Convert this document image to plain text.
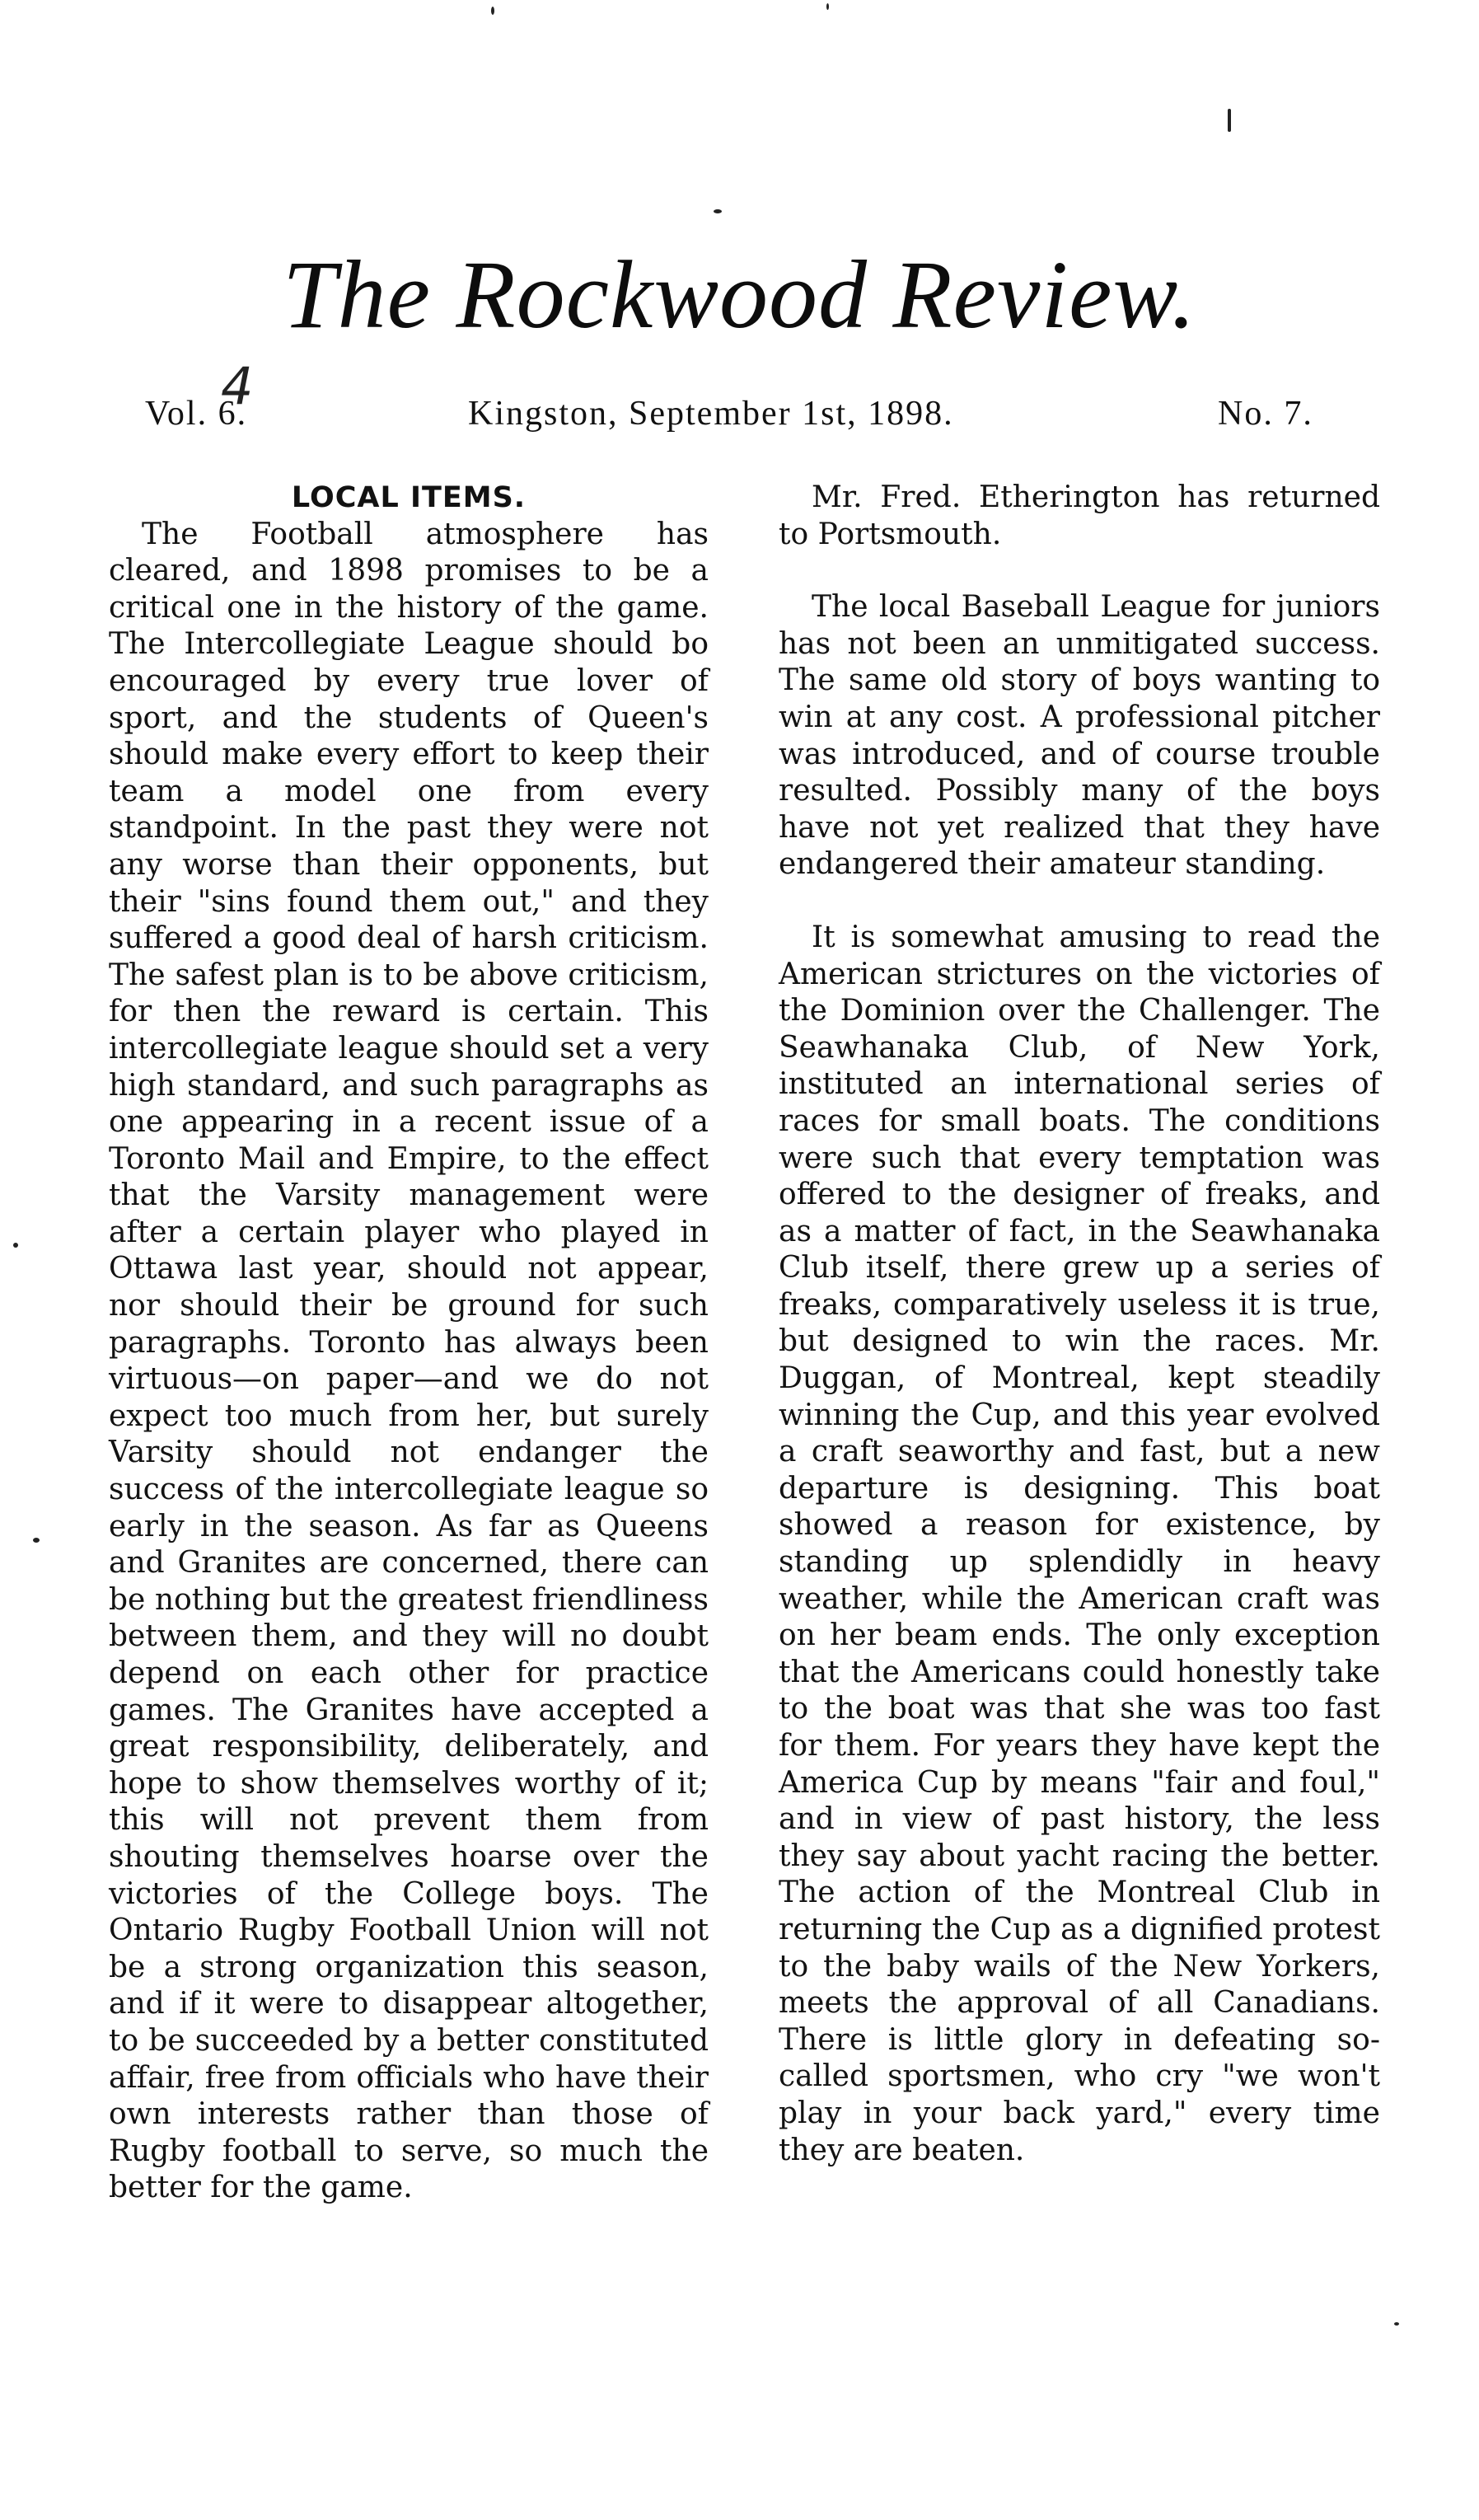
The Rockwood Review.
4
Vol. 6.	Kingston, September 1st, 1898.	No. 7.
LOCAL ITEMS.

The Football atmosphere has cleared, and 1898 promises to be a critical one in the history of the game. The Intercollegiate League should bo encouraged by every true lover of sport, and the students of Queen's should make every effort to keep their team a model one from every standpoint. In the past they were not any worse than their opponents, but their "sins found them out," and they suffered a good deal of harsh criticism. The safest plan is to be above criticism, for then the reward is certain. This intercollegiate league should set a very high standard, and such paragraphs as one appearing in a recent issue of a Toronto Mail and Empire, to the effect that the Varsity management were after a certain player who played in Ottawa last year, should not appear, nor should their be ground for such paragraphs. Toronto has always been virtuous—on paper—and we do not expect too much from her, but surely Varsity should not endanger the success of the intercollegiate league so early in the season. As far as Queens and Granites are concerned, there can be nothing but the greatest friendliness between them, and they will no doubt depend on each other for practice games. The Granites have accepted a great responsibility, deliberately, and hope to show themselves worthy of it; this will not prevent them from shouting themselves hoarse over the victories of the College boys. The Ontario Rugby Football Union will not be a strong organization this season, and if it were to disappear altogether, to be succeeded by a better constituted affair, free from officials who have their own interests rather than those of Rugby football to serve, so much the better for the game.

Mr. Fred. Etherington has returned to Portsmouth.

The local Baseball League for juniors has not been an unmitigated success. The same old story of boys wanting to win at any cost. A professional pitcher was introduced, and of course trouble resulted. Possibly many of the boys have not yet realized that they have endangered their amateur standing.

It is somewhat amusing to read the American strictures on the victories of the Dominion over the Challenger. The Seawhanaka Club, of New York, instituted an international series of races for small boats. The conditions were such that every temptation was offered to the designer of freaks, and as a matter of fact, in the Seawhanaka Club itself, there grew up a series of freaks, comparatively useless it is true, but designed to win the races. Mr. Duggan, of Montreal, kept steadily winning the Cup, and this year evolved a craft seaworthy and fast, but a new departure is designing. This boat showed a reason for existence, by standing up splendidly in heavy weather, while the American craft was on her beam ends. The only exception that the Americans could honestly take to the boat was that she was too fast for them. For years they have kept the America Cup by means "fair and foul," and in view of past history, the less they say about yacht racing the better. The action of the Montreal Club in returning the Cup as a dignified protest to the baby wails of the New Yorkers, meets the approval of all Canadians. There is little glory in defeating so-called sportsmen, who cry "we won't play in your back yard," every time they are beaten.
